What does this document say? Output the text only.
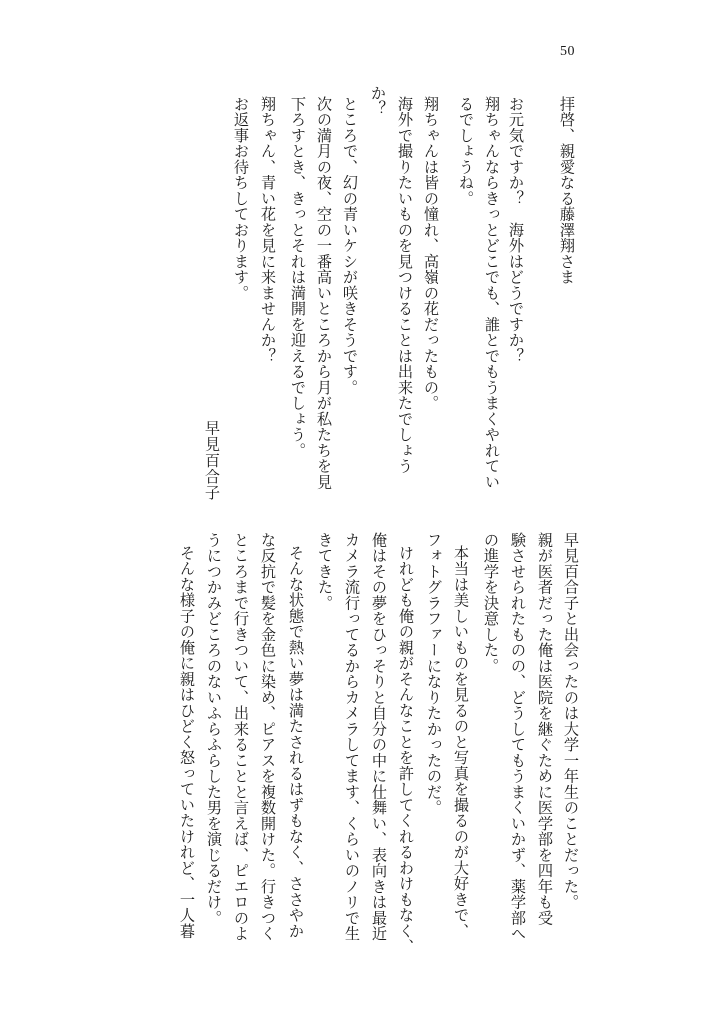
50
拝啓、親愛なる藤澤翔さま
お元気ですか？　海外はどうですか？
翔ちゃんならきっとどこでも、誰とでもうまくやれてい
るでしょうね。
翔ちゃんは皆の憧れ、高嶺の花だったもの。
海外で撮りたいものを見つけることは出来たでしょう
か？
ところで、幻の青いケシが咲きそうです。
次の満月の夜、空の一番高いところから月が私たちを見
下ろすとき、きっとそれは満開を迎えるでしょう。
翔ちゃん、青い花を見に来ませんか？
お返事お待ちしております。
早見百合子
早見百合子と出会ったのは大学一年生のことだった。
親が医者だった俺は医院を継ぐために医学部を四年も受
験させられたものの、どうしてもうまくいかず、薬学部へ
の進学を決意した。
本当は美しいものを見るのと写真を撮るのが大好きで、
フォトグラファーになりたかったのだ。
けれども俺の親がそんなことを許してくれるわけもなく、
俺はその夢をひっそりと自分の中に仕舞い、表向きは最近
カメラ流行ってるからカメラしてます、くらいのノリで生
きてきた。
そんな状態で熱い夢は満たされるはずもなく、ささやか
な反抗で髪を金色に染め、ピアスを複数開けた。行きつく
ところまで行きついて、出来ることと言えば、ピエロのよ
うにつかみどころのないふらふらした男を演じるだけ。
そんな様子の俺に親はひどく怒っていたけれど、一人暮
